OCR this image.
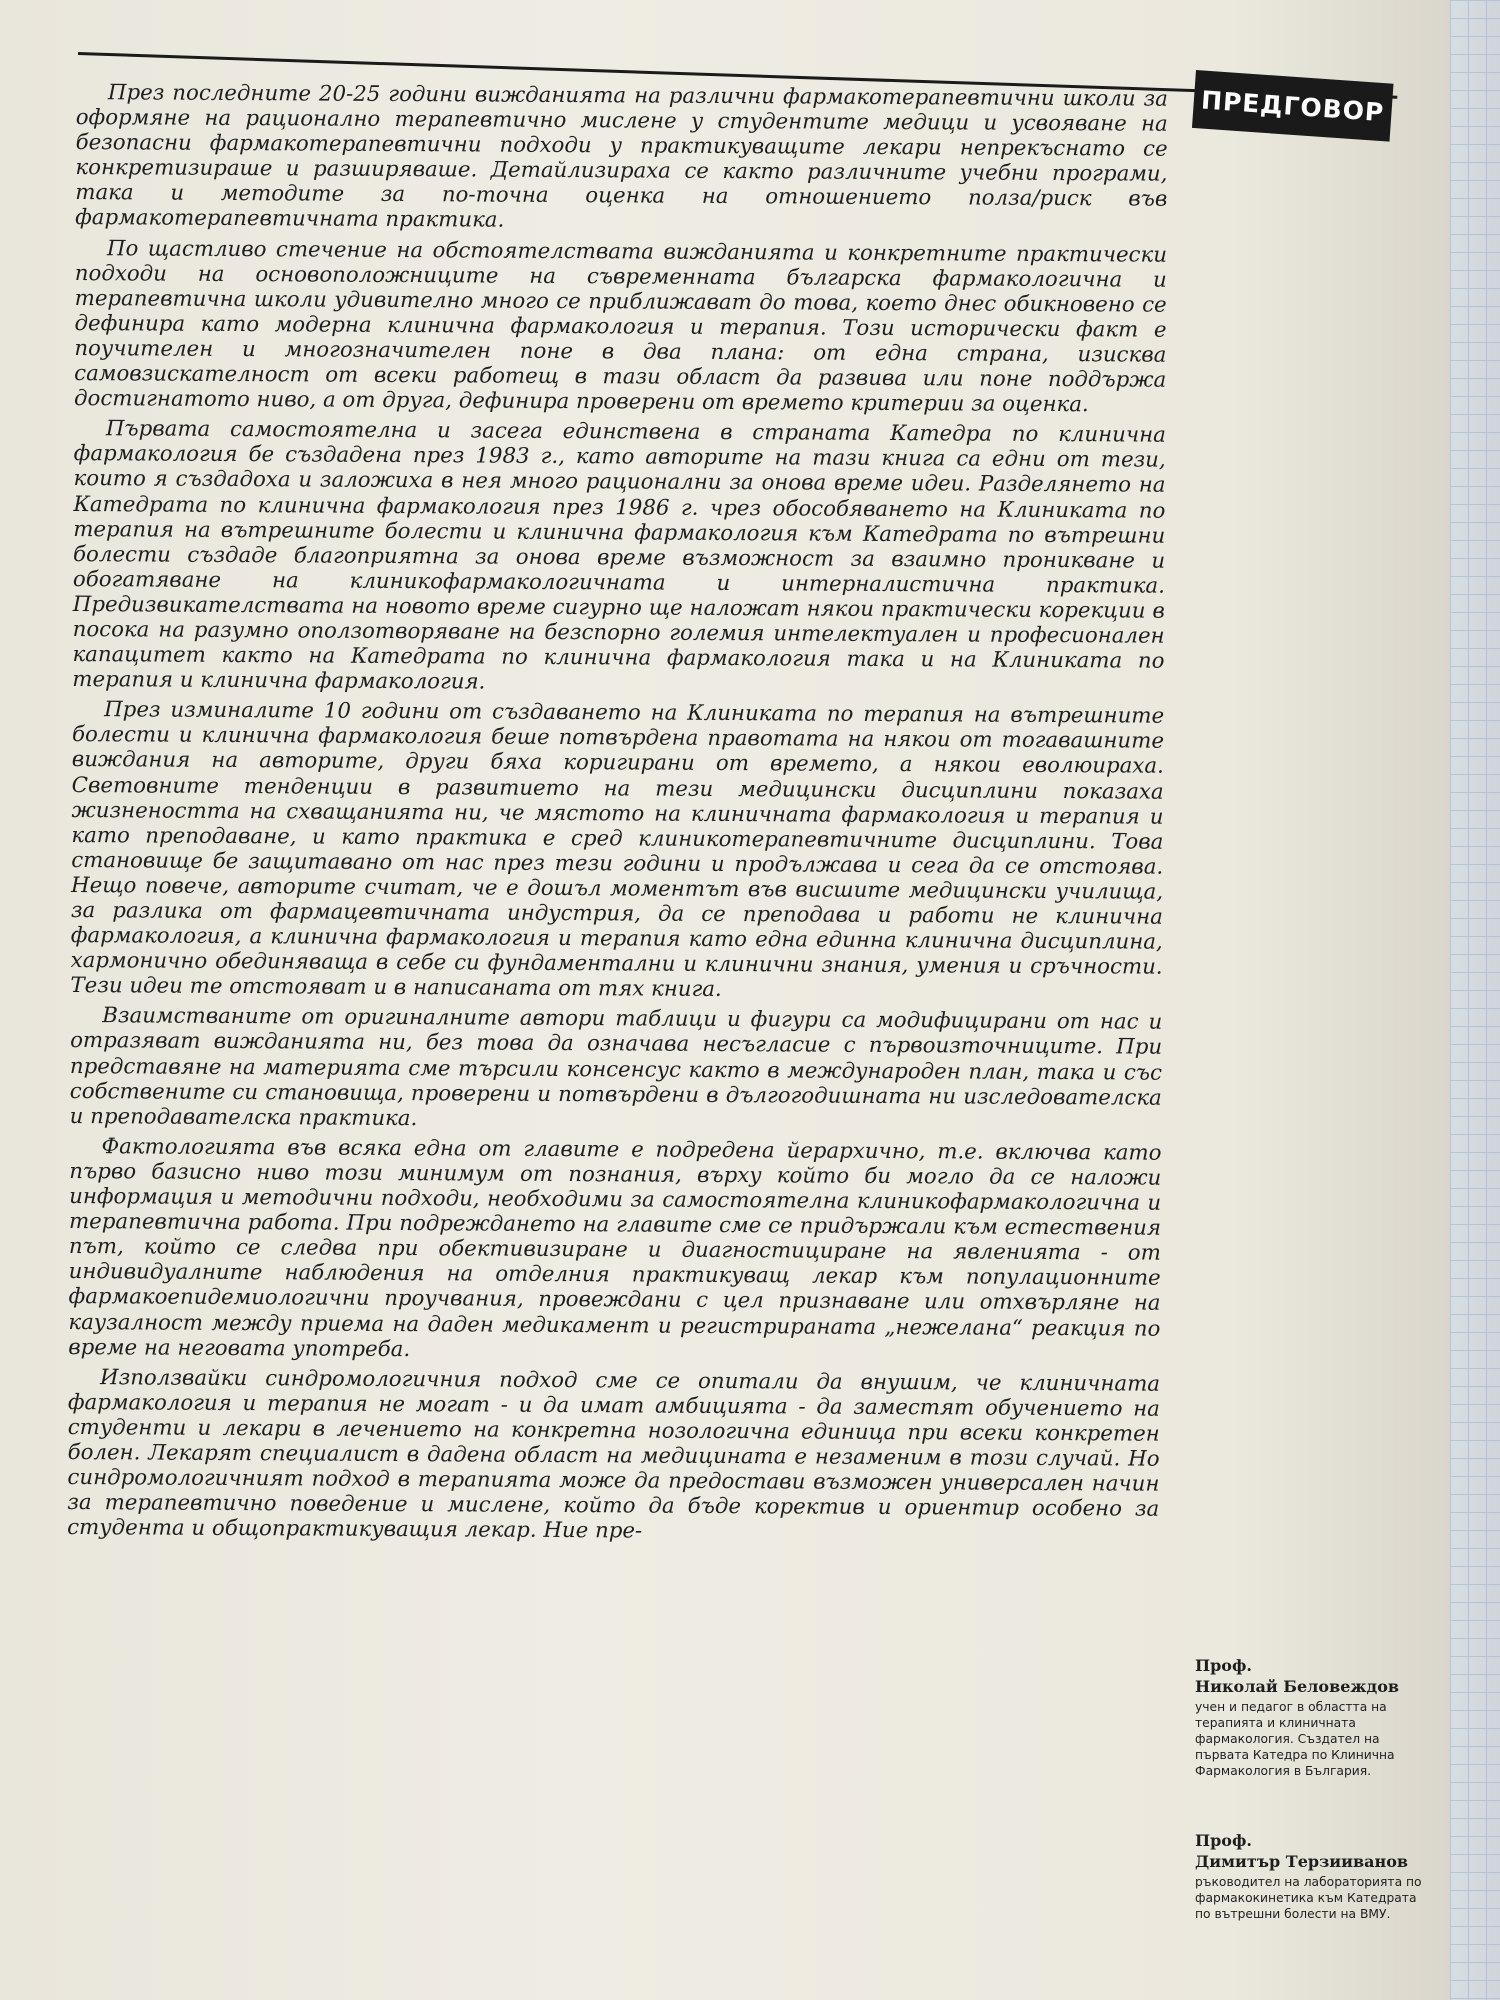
ПРЕДГОВОР

През последните 20-25 години вижданията на различни фармакотерапевтични школи за оформяне на рационално терапевтично мислене у студентите медици и усвояване на безопасни фармакотерапевтични подходи у практикуващите лекари непрекъснато се конкретизираше и разширяваше. Детайлизираха се както различните учебни програми, така и методите за по-точна оценка на отношението полза/риск във фармакотерапевтичната практика.

По щастливо стечение на обстоятелствата вижданията и конкретните практически подходи на основоположниците на съвременната българска фармакологична и терапевтична школи удивително много се приближават до това, което днес обикновено се дефинира като модерна клинична фармакология и терапия. Този исторически факт е поучителен и многозначителен поне в два плана: от една страна, изисква самовзискателност от всеки работещ в тази област да развива или поне поддържа достигнатото ниво, а от друга, дефинира проверени от времето критерии за оценка.

Първата самостоятелна и засега единствена в страната Катедра по клинична фармакология бе създадена през 1983 г., като авторите на тази книга са едни от тези, които я създадоха и заложиха в нея много рационални за онова време идеи. Разделянето на Катедрата по клинична фармакология през 1986 г. чрез обособяването на Клиниката по терапия на вътрешните болести и клинична фармакология към Катедрата по вътрешни болести създаде благоприятна за онова време възможност за взаимно проникване и обогатяване на клиникофармакологичната и интерналистична практика. Предизвикателствата на новото време сигурно ще наложат някои практически корекции в посока на разумно оползотворяване на безспорно големия интелектуален и професионален капацитет както на Катедрата по клинична фармакология така и на Клиниката по терапия и клинична фармакология.

През изминалите 10 години от създаването на Клиниката по терапия на вътрешните болести и клинична фармакология беше потвърдена правотата на някои от тогавашните виждания на авторите, други бяха коригирани от времето, а някои еволюираха. Световните тенденции в развитието на тези медицински дисциплини показаха жизнеността на схващанията ни, че мястото на клиничната фармакология и терапия и като преподаване, и като практика е сред клиникотерапевтичните дисциплини. Това становище бе защитавано от нас през тези години и продължава и сега да се отстоява. Нещо повече, авторите считат, че е дошъл моментът във висшите медицински училища, за разлика от фармацевтичната индустрия, да се преподава и работи не клинична фармакология, а клинична фармакология и терапия като една единна клинична дисциплина, хармонично обединяваща в себе си фундаментални и клинични знания, умения и сръчности. Тези идеи те отстояват и в написаната от тях книга.

Взаимстваните от оригиналните автори таблици и фигури са модифицирани от нас и отразяват вижданията ни, без това да означава несъгласие с първоизточниците. При представяне на материята сме търсили консенсус както в международен план, така и със собствените си становища, проверени и потвърдени в дългогодишната ни изследователска и преподавателска практика.

Фактологията във всяка една от главите е подредена йерархично, т.е. включва като първо базисно ниво този минимум от познания, върху който би могло да се наложи информация и методични подходи, необходими за самостоятелна клиникофармакологична и терапевтична работа. При подреждането на главите сме се придържали към естествения път, който се следва при обективизиране и диагностициране на явленията - от индивидуалните наблюдения на отделния практикуващ лекар към популационните фармакоепидемиологични проучвания, провеждани с цел признаване или отхвърляне на каузалност между приема на даден медикамент и регистрираната „нежелана“ реакция по време на неговата употреба.

Използвайки синдромологичния подход сме се опитали да внушим, че клиничната фармакология и терапия не могат - и да имат амбицията - да заместят обучението на студенти и лекари в лечението на конкретна нозологична единица при всеки конкретен болен. Лекарят специалист в дадена област на медицината е незаменим в този случай. Но синдромологичният подход в терапията може да предостави възможен универсален начин за терапевтично поведение и мислене, който да бъде коректив и ориентир особено за студента и общопрактикуващия лекар. Ние пре-

Проф.
Николай Беловеждов
учен и педагог в областта на терапията и клиничната фармакология. Създател на първата Катедра по Клинична Фармакология в България.
Проф.
Димитър Терзииванов
ръководител на лабораторията по фармакокинетика към Катедрата по вътрешни болести на ВМУ.
